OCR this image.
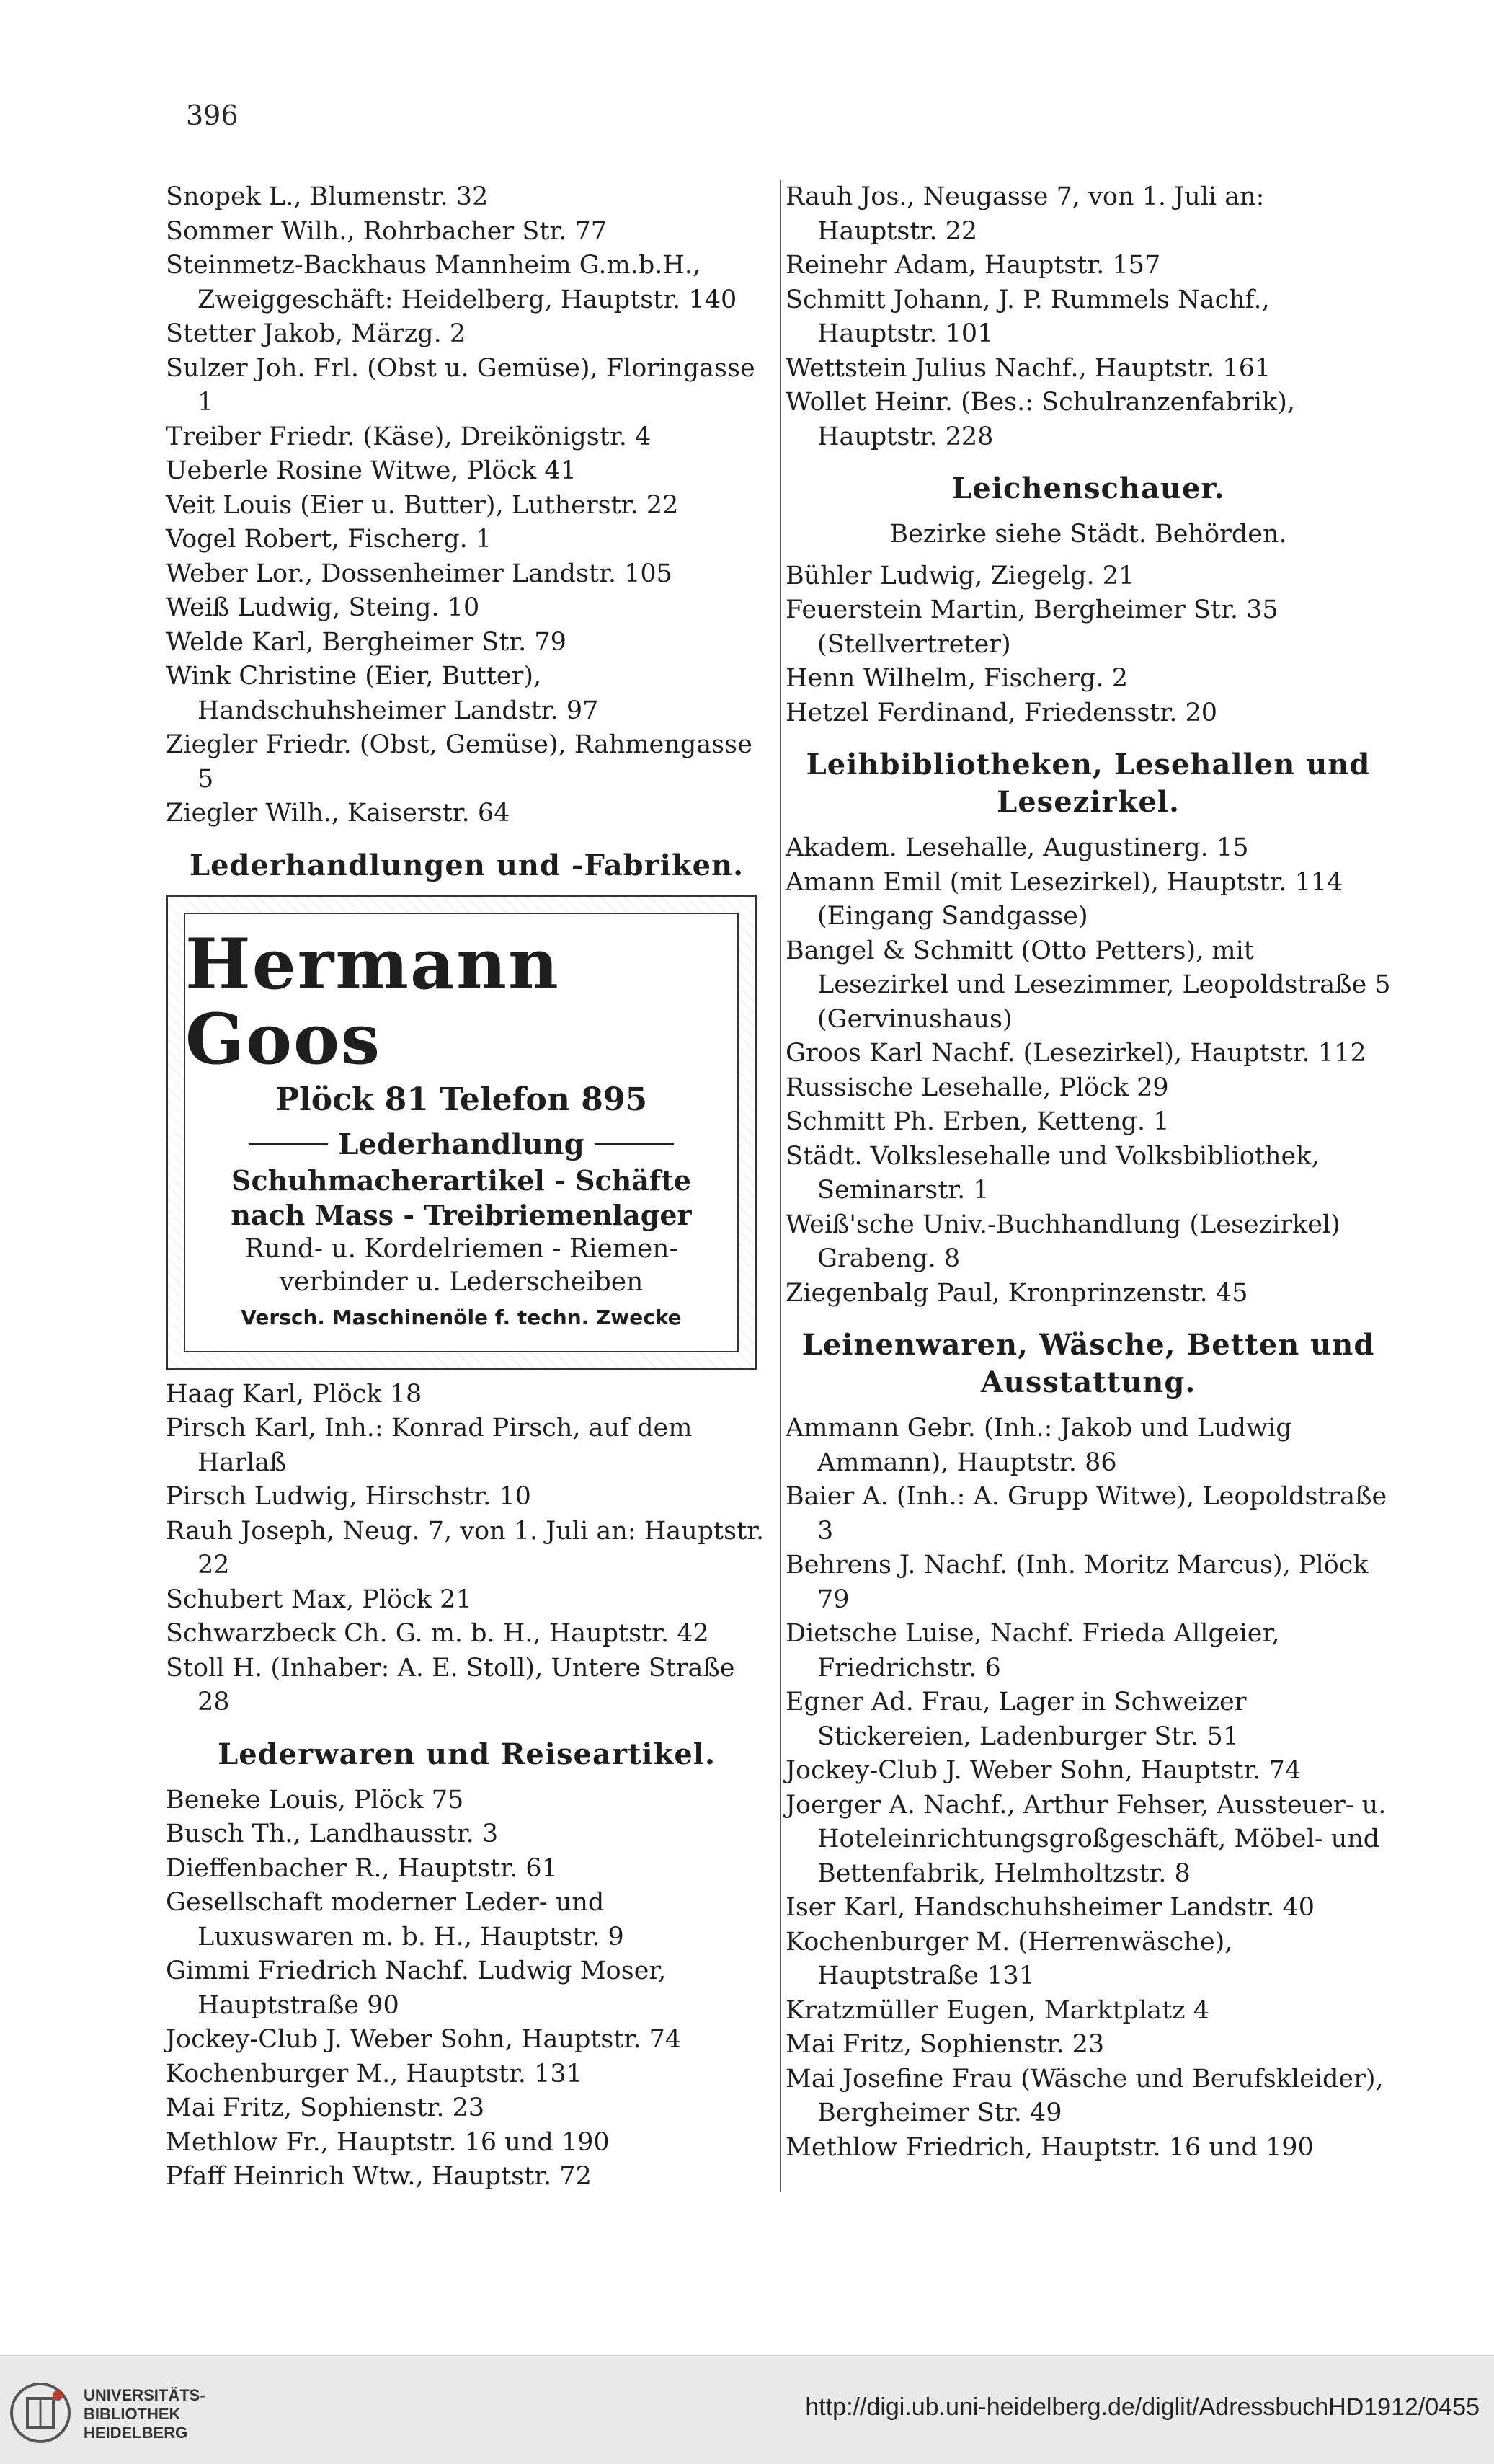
396

Snopek L., Blumenstr. 32

Sommer Wilh., Rohrbacher Str. 77

Steinmetz-Backhaus Mannheim G.m.b.H., Zweiggeschäft: Heidelberg, Hauptstr. 140

Stetter Jakob, Märzg. 2

Sulzer Joh. Frl. (Obst u. Gemüse), Floringasse 1

Treiber Friedr. (Käse), Dreikönigstr. 4

Ueberle Rosine Witwe, Plöck 41

Veit Louis (Eier u. Butter), Lutherstr. 22

Vogel Robert, Fischerg. 1

Weber Lor., Dossenheimer Landstr. 105

Weiß Ludwig, Steing. 10

Welde Karl, Bergheimer Str. 79

Wink Christine (Eier, Butter), Handschuhsheimer Landstr. 97

Ziegler Friedr. (Obst, Gemüse), Rahmengasse 5

Ziegler Wilh., Kaiserstr. 64

Lederhandlungen und -Fabriken.
Hermann Goos
Plöck 81 Telefon 895
Lederhandlung
Schuhmacherartikel - Schäfte
nach Mass - Treibriemenlager
Rund- u. Kordelriemen - Riemen-
verbinder u. Lederscheiben
Versch. Maschinenöle f. techn. Zwecke

Haag Karl, Plöck 18

Pirsch Karl, Inh.: Konrad Pirsch, auf dem Harlaß

Pirsch Ludwig, Hirschstr. 10

Rauh Joseph, Neug. 7, von 1. Juli an: Hauptstr. 22

Schubert Max, Plöck 21

Schwarzbeck Ch. G. m. b. H., Hauptstr. 42

Stoll H. (Inhaber: A. E. Stoll), Untere Straße 28

Lederwaren und Reiseartikel.

Beneke Louis, Plöck 75

Busch Th., Landhausstr. 3

Dieffenbacher R., Hauptstr. 61

Gesellschaft moderner Leder- und Luxuswaren m. b. H., Hauptstr. 9

Gimmi Friedrich Nachf. Ludwig Moser, Hauptstraße 90

Jockey-Club J. Weber Sohn, Hauptstr. 74

Kochenburger M., Hauptstr. 131

Mai Fritz, Sophienstr. 23

Methlow Fr., Hauptstr. 16 und 190

Pfaff Heinrich Wtw., Hauptstr. 72

Rauh Jos., Neugasse 7, von 1. Juli an: Hauptstr. 22

Reinehr Adam, Hauptstr. 157

Schmitt Johann, J. P. Rummels Nachf., Hauptstr. 101

Wettstein Julius Nachf., Hauptstr. 161

Wollet Heinr. (Bes.: Schulranzenfabrik), Hauptstr. 228

Leichenschauer.
Bezirke siehe Städt. Behörden.

Bühler Ludwig, Ziegelg. 21

Feuerstein Martin, Bergheimer Str. 35 (Stellvertreter)

Henn Wilhelm, Fischerg. 2

Hetzel Ferdinand, Friedensstr. 20

Leihbibliotheken, Lesehallen und Lesezirkel.

Akadem. Lesehalle, Augustinerg. 15

Amann Emil (mit Lesezirkel), Hauptstr. 114 (Eingang Sandgasse)

Bangel & Schmitt (Otto Petters), mit Lesezirkel und Lesezimmer, Leopoldstraße 5 (Gervinushaus)

Groos Karl Nachf. (Lesezirkel), Hauptstr. 112

Russische Lesehalle, Plöck 29

Schmitt Ph. Erben, Ketteng. 1

Städt. Volkslesehalle und Volksbibliothek, Seminarstr. 1

Weiß'sche Univ.-Buchhandlung (Lesezirkel) Grabeng. 8

Ziegenbalg Paul, Kronprinzenstr. 45

Leinenwaren, Wäsche, Betten und Ausstattung.

Ammann Gebr. (Inh.: Jakob und Ludwig Ammann), Hauptstr. 86

Baier A. (Inh.: A. Grupp Witwe), Leopoldstraße 3

Behrens J. Nachf. (Inh. Moritz Marcus), Plöck 79

Dietsche Luise, Nachf. Frieda Allgeier, Friedrichstr. 6

Egner Ad. Frau, Lager in Schweizer Stickereien, Ladenburger Str. 51

Jockey-Club J. Weber Sohn, Hauptstr. 74

Joerger A. Nachf., Arthur Fehser, Aussteuer- u. Hoteleinrichtungsgroßgeschäft, Möbel- und Bettenfabrik, Helmholtzstr. 8

Iser Karl, Handschuhsheimer Landstr. 40

Kochenburger M. (Herrenwäsche), Hauptstraße 131

Kratzmüller Eugen, Marktplatz 4

Mai Fritz, Sophienstr. 23

Mai Josefine Frau (Wäsche und Berufskleider), Bergheimer Str. 49

Methlow Friedrich, Hauptstr. 16 und 190

UNIVERSITÄTS-
BIBLIOTHEK
HEIDELBERG
http://digi.ub.uni-heidelberg.de/diglit/AdressbuchHD1912/0455
